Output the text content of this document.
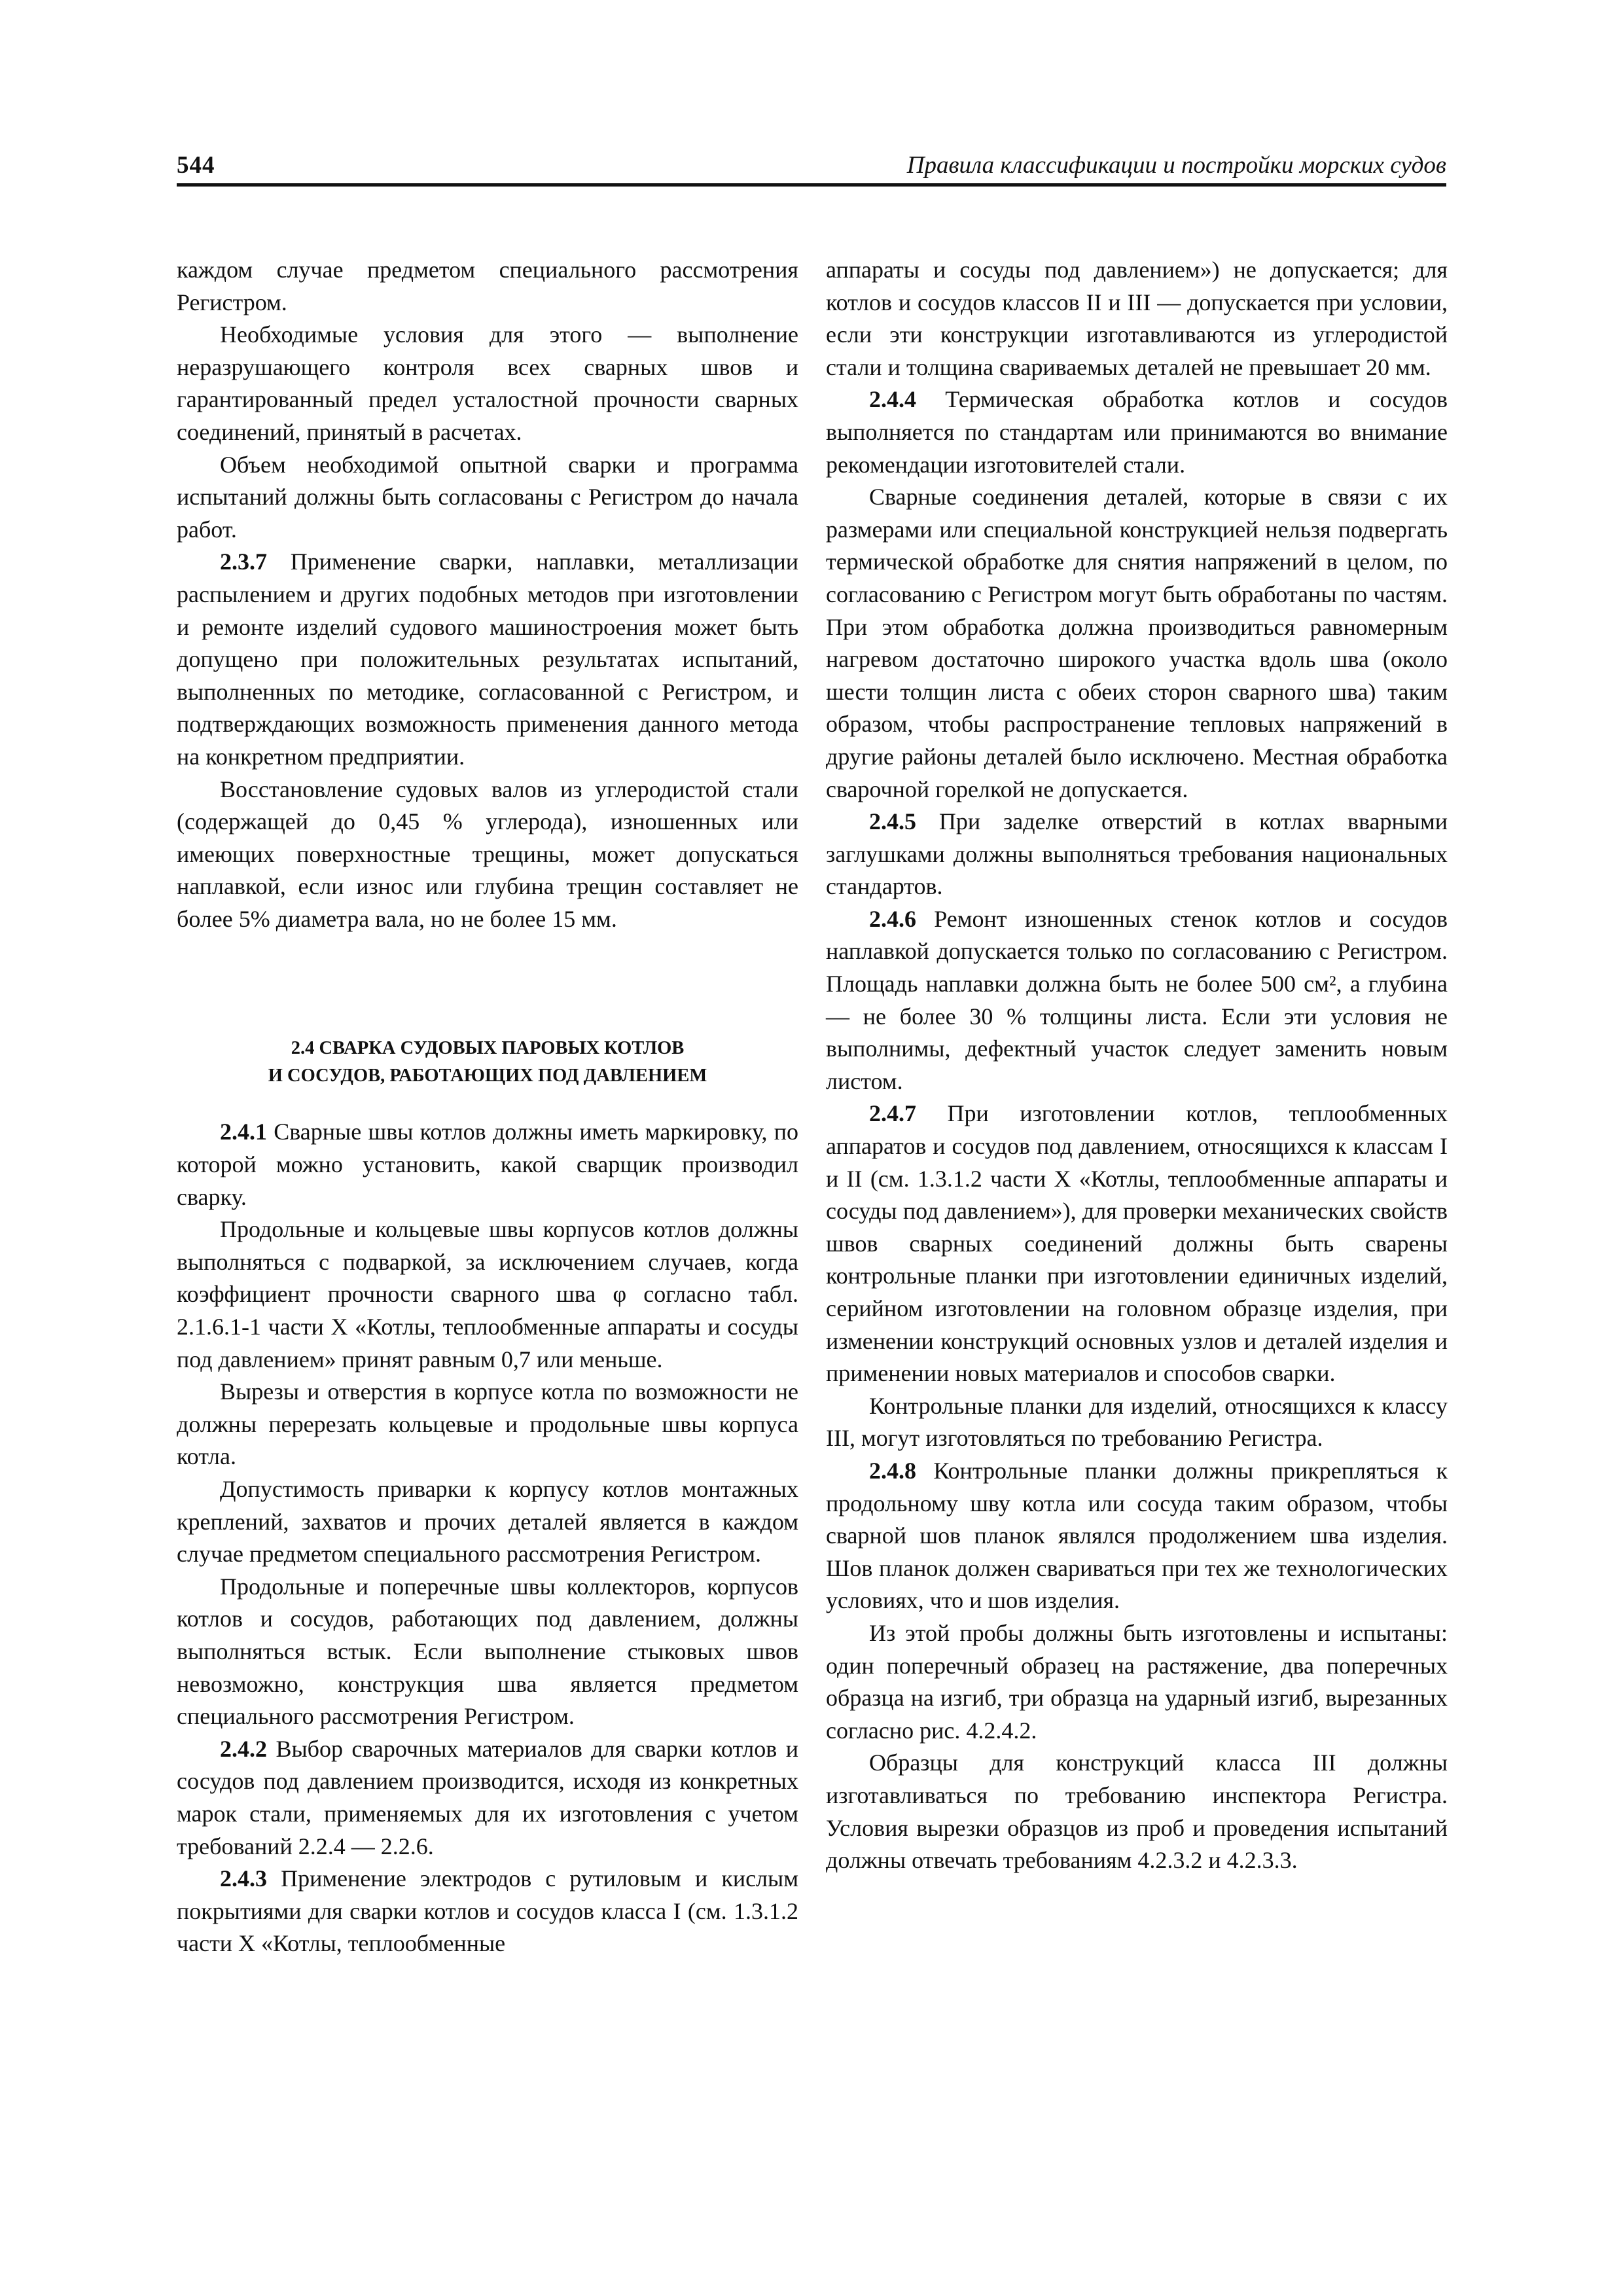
544	Правила классификации и постройки морских судов

каждом случае предметом специального рассмотрения Регистром.

Необходимые условия для этого — выполнение неразрушающего контроля всех сварных швов и гарантированный предел усталостной прочности сварных соединений, принятый в расчетах.

Объем необходимой опытной сварки и программа испытаний должны быть согласованы с Регистром до начала работ.

2.3.7 Применение сварки, наплавки, металлизации распылением и других подобных методов при изготовлении и ремонте изделий судового машиностроения может быть допущено при положительных результатах испытаний, выполненных по методике, согласованной с Регистром, и подтверждающих возможность применения данного метода на конкретном предприятии.

Восстановление судовых валов из углеродистой стали (содержащей до 0,45 % углерода), изношенных или имеющих поверхностные трещины, может допускаться наплавкой, если износ или глубина трещин составляет не более 5% диаметра вала, но не более 15 мм.

2.4 СВАРКА СУДОВЫХ ПАРОВЫХ КОТЛОВ
И СОСУДОВ, РАБОТАЮЩИХ ПОД ДАВЛЕНИЕМ

2.4.1 Сварные швы котлов должны иметь маркировку, по которой можно установить, какой сварщик производил сварку.

Продольные и кольцевые швы корпусов котлов должны выполняться с подваркой, за исключением случаев, когда коэффициент прочности сварного шва φ согласно табл. 2.1.6.1-1 части X «Котлы, теплообменные аппараты и сосуды под давлением» принят равным 0,7 или меньше.

Вырезы и отверстия в корпусе котла по возможности не должны перерезать кольцевые и продольные швы корпуса котла.

Допустимость приварки к корпусу котлов монтажных креплений, захватов и прочих деталей является в каждом случае предметом специального рассмотрения Регистром.

Продольные и поперечные швы коллекторов, корпусов котлов и сосудов, работающих под давлением, должны выполняться встык. Если выполнение стыковых швов невозможно, конструкция шва является предметом специального рассмотрения Регистром.

2.4.2 Выбор сварочных материалов для сварки котлов и сосудов под давлением производится, исходя из конкретных марок стали, применяемых для их изготовления с учетом требований 2.2.4 — 2.2.6.

2.4.3 Применение электродов с рутиловым и кислым покрытиями для сварки котлов и сосудов класса I (см. 1.3.1.2 части X «Котлы, теплообменные

аппараты и сосуды под давлением») не допускается; для котлов и сосудов классов II и III — допускается при условии, если эти конструкции изготавливаются из углеродистой стали и толщина свариваемых деталей не превышает 20 мм.

2.4.4 Термическая обработка котлов и сосудов выполняется по стандартам или принимаются во внимание рекомендации изготовителей стали.

Сварные соединения деталей, которые в связи с их размерами или специальной конструкцией нельзя подвергать термической обработке для снятия напряжений в целом, по согласованию с Регистром могут быть обработаны по частям. При этом обработка должна производиться равномерным нагревом достаточно широкого участка вдоль шва (около шести толщин листа с обеих сторон сварного шва) таким образом, чтобы распространение тепловых напряжений в другие районы деталей было исключено. Местная обработка сварочной горелкой не допускается.

2.4.5 При заделке отверстий в котлах вварными заглушками должны выполняться требования национальных стандартов.

2.4.6 Ремонт изношенных стенок котлов и сосудов наплавкой допускается только по согласованию с Регистром. Площадь наплавки должна быть не более 500 см², а глубина — не более 30 % толщины листа. Если эти условия не выполнимы, дефектный участок следует заменить новым листом.

2.4.7 При изготовлении котлов, теплообменных аппаратов и сосудов под давлением, относящихся к классам I и II (см. 1.3.1.2 части X «Котлы, теплообменные аппараты и сосуды под давлением»), для проверки механических свойств швов сварных соединений должны быть сварены контрольные планки при изготовлении единичных изделий, серийном изготовлении на головном образце изделия, при изменении конструкций основных узлов и деталей изделия и применении новых материалов и способов сварки.

Контрольные планки для изделий, относящихся к классу III, могут изготовляться по требованию Регистра.

2.4.8 Контрольные планки должны прикрепляться к продольному шву котла или сосуда таким образом, чтобы сварной шов планок являлся продолжением шва изделия. Шов планок должен свариваться при тех же технологических условиях, что и шов изделия.

Из этой пробы должны быть изготовлены и испытаны: один поперечный образец на растяжение, два поперечных образца на изгиб, три образца на ударный изгиб, вырезанных согласно рис. 4.2.4.2.

Образцы для конструкций класса III должны изготавливаться по требованию инспектора Регистра. Условия вырезки образцов из проб и проведения испытаний должны отвечать требованиям 4.2.3.2 и 4.2.3.3.
